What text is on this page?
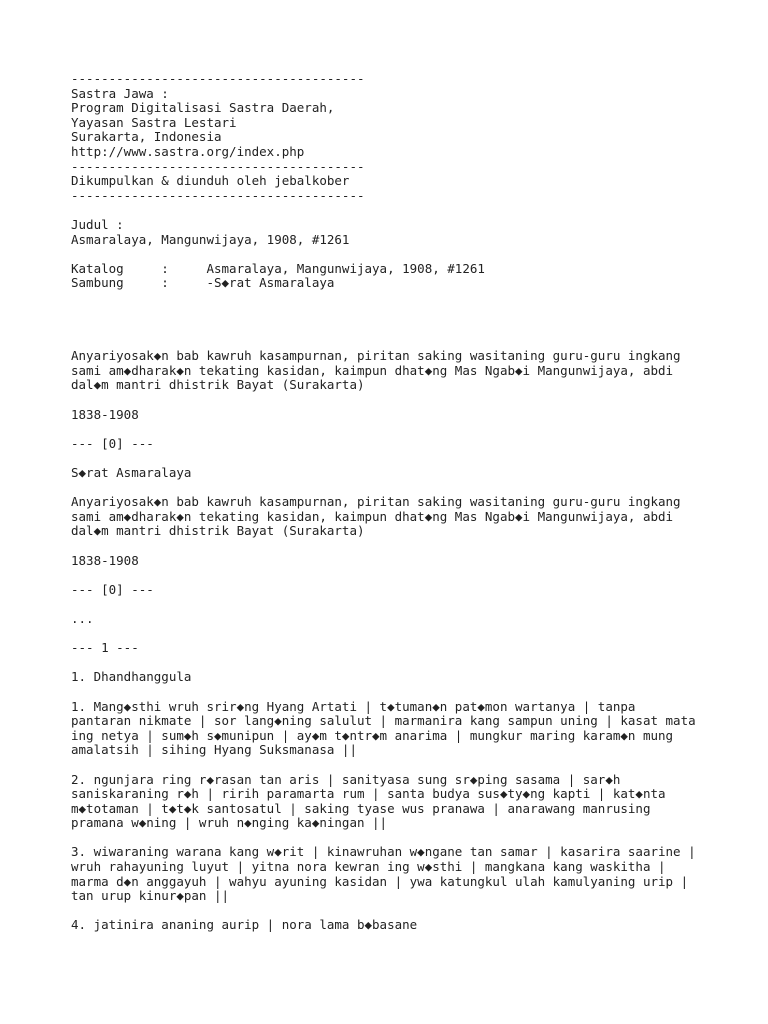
---------------------------------------
Sastra Jawa :
Program Digitalisasi Sastra Daerah,
Yayasan Sastra Lestari
Surakarta, Indonesia
http://www.sastra.org/index.php
---------------------------------------
Dikumpulkan & diunduh oleh jebalkober
---------------------------------------
Judul :
Asmaralaya, Mangunwijaya, 1908, #1261
Katalog     :     Asmaralaya, Mangunwijaya, 1908, #1261
Sambung     :     -S◆rat Asmaralaya
Anyariyosak◆n bab kawruh kasampurnan, piritan saking wasitaning guru-guru ingkang
sami am◆dharak◆n tekating kasidan, kaimpun dhat◆ng Mas Ngab◆i Mangunwijaya, abdi
dal◆m mantri dhistrik Bayat (Surakarta)
1838-1908
--- [0] ---
S◆rat Asmaralaya
Anyariyosak◆n bab kawruh kasampurnan, piritan saking wasitaning guru-guru ingkang
sami am◆dharak◆n tekating kasidan, kaimpun dhat◆ng Mas Ngab◆i Mangunwijaya, abdi
dal◆m mantri dhistrik Bayat (Surakarta)
1838-1908
--- [0] ---
...
--- 1 ---
1. Dhandhanggula
1. Mang◆sthi wruh srir◆ng Hyang Artati | t◆tuman◆n pat◆mon wartanya | tanpa
pantaran nikmate | sor lang◆ning salulut | marmanira kang sampun uning | kasat mata
ing netya | sum◆h s◆munipun | ay◆m t◆ntr◆m anarima | mungkur maring karam◆n mung
amalatsih | sihing Hyang Suksmanasa ||
2. ngunjara ring r◆rasan tan aris | sanityasa sung sr◆ping sasama | sar◆h
saniskaraning r◆h | ririh paramarta rum | santa budya sus◆ty◆ng kapti | kat◆nta
m◆totaman | t◆t◆k santosatul | saking tyase wus pranawa | anarawang manrusing
pramana w◆ning | wruh n◆nging ka◆ningan ||
3. wiwaraning warana kang w◆rit | kinawruhan w◆ngane tan samar | kasarira saarine |
wruh rahayuning luyut | yitna nora kewran ing w◆sthi | mangkana kang waskitha |
marma d◆n anggayuh | wahyu ayuning kasidan | ywa katungkul ulah kamulyaning urip |
tan urup kinur◆pan ||
4. jatinira ananing aurip | nora lama b◆basane
